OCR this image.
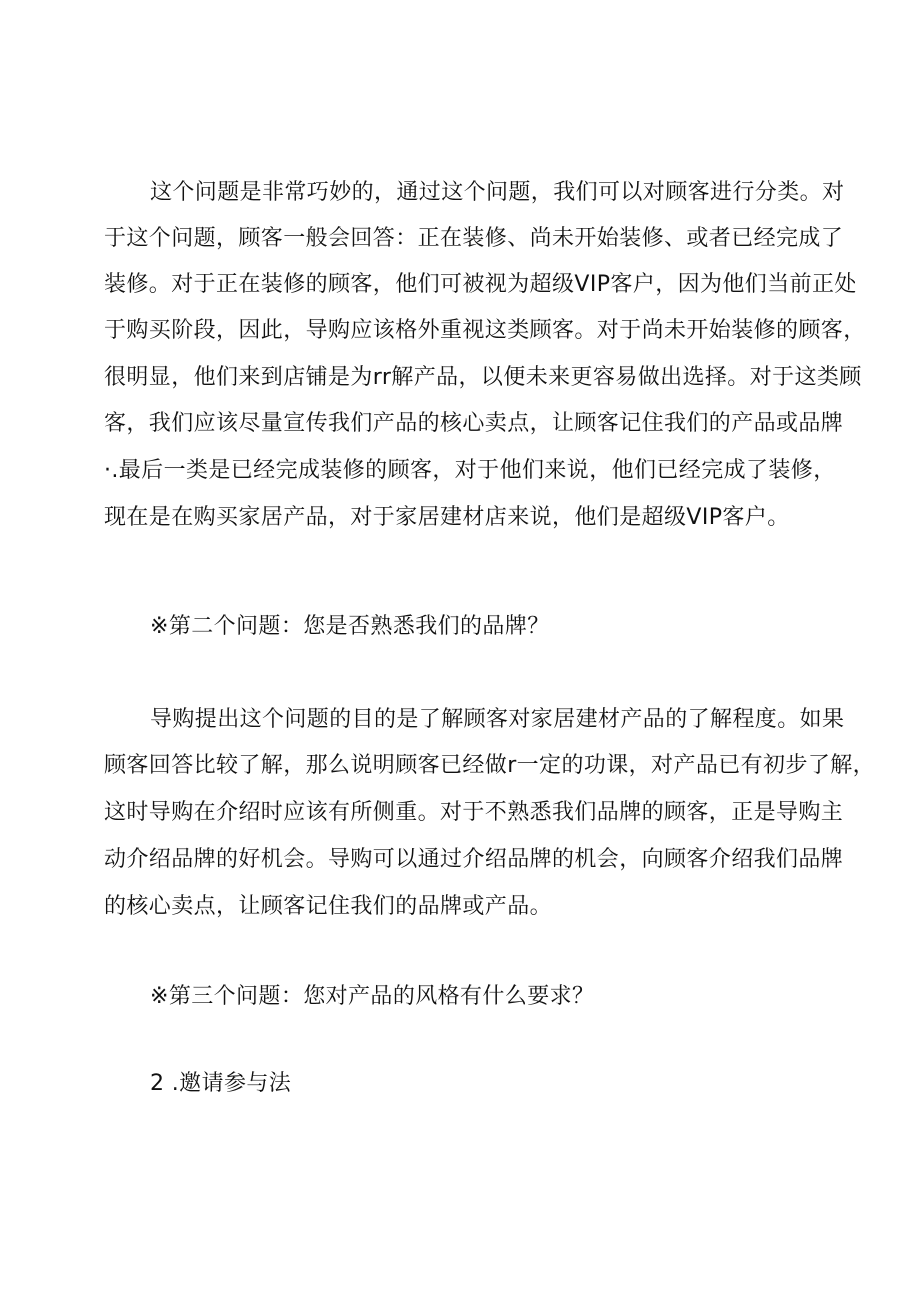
这个问题是非常巧妙的，通过这个问题，我们可以对顾客进行分类。对
于这个问题，顾客一般会回答：正在装修、尚未开始装修、或者已经完成了
装修。对于正在装修的顾客，他们可被视为超级VIP客户，因为他们当前正处
于购买阶段，因此，导购应该格外重视这类顾客。对于尚未开始装修的顾客，
很明显，他们来到店铺是为rr解产品，以便未来更容易做出选择。对于这类顾
客，我们应该尽量宣传我们产品的核心卖点，让顾客记住我们的产品或品牌
·.最后一类是已经完成装修的顾客，对于他们来说，他们已经完成了装修，
现在是在购买家居产品，对于家居建材店来说，他们是超级VIP客户。
※第二个问题：您是否熟悉我们的品牌？
导购提出这个问题的目的是了解顾客对家居建材产品的了解程度。如果
顾客回答比较了解，那么说明顾客已经做r一定的功课，对产品已有初步了解，
这时导购在介绍时应该有所侧重。对于不熟悉我们品牌的顾客，正是导购主
动介绍品牌的好机会。导购可以通过介绍品牌的机会，向顾客介绍我们品牌
的核心卖点，让顾客记住我们的品牌或产品。
※第三个问题：您对产品的风格有什么要求？
2 .邀请参与法
